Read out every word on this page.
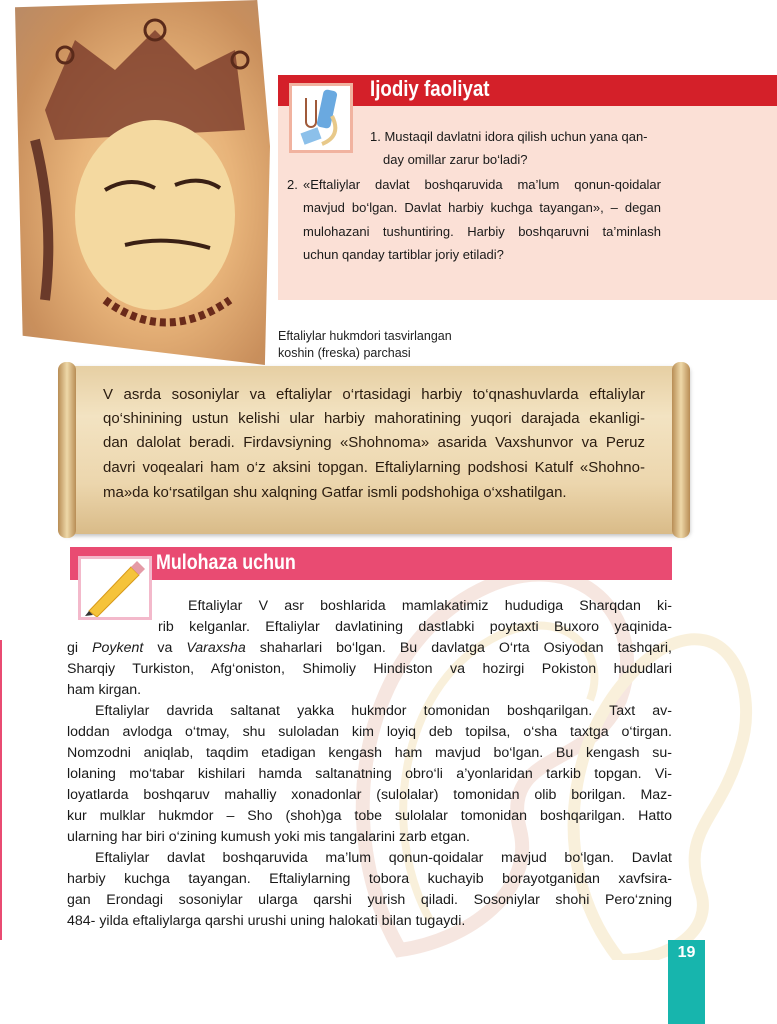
Ijodiy faoliyat
1. Mustaqil davlatni idora qilish uchun yana qan-
day omillar zarur bo‘ladi?
2. «Eftaliylar davlat boshqaruvida ma’lum qonun-qoidalar
mavjud bo‘lgan. Davlat harbiy kuchga tayangan», – degan
mulohazani tushuntiring. Harbiy boshqaruvni ta’minlash
uchun qanday tartiblar joriy etiladi?
Eftaliylar hukmdori tasvirlangan
koshin (freska) parchasi
V asrda sosoniylar va eftaliylar o‘rtasidagi harbiy to‘qnashuvlarda eftaliylar
qo‘shinining ustun kelishi ular harbiy mahoratining yuqori darajada ekanligi-
dan dalolat beradi. Firdavsiyning «Shohnoma» asarida Vaxshunvor va Peruz
davri voqealari ham o‘z aksini topgan. Eftaliylarning podshosi Katulf «Shohno-
ma»da ko‘rsatilgan shu xalqning Gatfar ismli podshohiga o‘xshatilgan.
Mulohaza uchun
Eftaliylar V asr boshlarida mamlakatimiz hududiga Sharqdan ki-
rib kelganlar. Eftaliylar davlatining dastlabki poytaxti Buxoro yaqinida-
gi Poykent va Varaxsha shaharlari bo‘lgan. Bu davlatga O‘rta Osiyodan tashqari,
Sharqiy Turkiston, Afg‘oniston, Shimoliy Hindiston va hozirgi Pokiston hududlari
ham kirgan.
Eftaliylar davrida saltanat yakka hukmdor tomonidan boshqarilgan. Taxt av-
loddan avlodga o‘tmay, shu suloladan kim loyiq deb topilsa, o‘sha taxtga o‘tirgan.
Nomzodni aniqlab, taqdim etadigan kengash ham mavjud bo‘lgan. Bu kengash su-
lolaning mo‘tabar kishilari hamda saltanatning obro‘li a’yonlaridan tarkib topgan. Vi-
loyatlarda boshqaruv mahalliy xonadonlar (sulolalar) tomonidan olib borilgan. Maz-
kur mulklar hukmdor – Sho (shoh)ga tobe sulolalar tomonidan boshqarilgan. Hatto
ularning har biri o‘zining kumush yoki mis tangalarini zarb etgan.
Eftaliylar davlat boshqaruvida ma’lum qonun-qoidalar mavjud bo‘lgan. Davlat
harbiy kuchga tayangan. Eftaliylarning tobora kuchayib borayotganidan xavfsira-
gan Erondagi sosoniylar ularga qarshi yurish qiladi. Sosoniylar shohi Pero‘zning
484- yilda eftaliylarga qarshi urushi uning halokati bilan tugaydi.
19
